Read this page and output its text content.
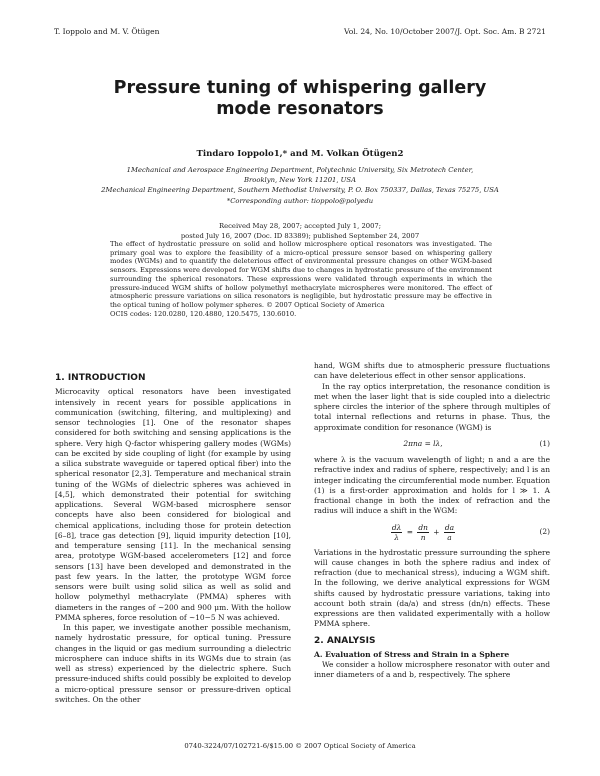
T. Ioppolo and M. V. Ötügen	Vol. 24, No. 10/October 2007/J. Opt. Soc. Am. B 2721
Pressure tuning of whispering gallery
mode resonators
Tindaro Ioppolo1,* and M. Volkan Ötügen2
1Mechanical and Aerospace Engineering Department, Polytechnic University, Six Metrotech Center,
Brooklyn, New York 11201, USA
2Mechanical Engineering Department, Southern Methodist University, P. O. Box 750337, Dallas, Texas 75275, USA
*Corresponding author: tioppolo@polyedu
Received May 28, 2007; accepted July 1, 2007;
posted July 16, 2007 (Doc. ID 83389); published September 24, 2007

The effect of hydrostatic pressure on solid and hollow microsphere optical resonators was investigated. The primary goal was to explore the feasibility of a micro-optical pressure sensor based on whispering gallery modes (WGMs) and to quantify the deleterious effect of environmental pressure changes on other WGM-based sensors. Expressions were developed for WGM shifts due to changes in hydrostatic pressure of the environment surrounding the spherical resonators. These expressions were validated through experiments in which the pressure-induced WGM shifts of hollow polymethyl methacrylate microspheres were monitored. The effect of atmospheric pressure variations on silica resonators is negligible, but hydrostatic pressure may be effective in the optical tuning of hollow polymer spheres. © 2007 Optical Society of America

OCIS codes: 120.0280, 120.4880, 120.5475, 130.6010.

1. INTRODUCTION

Microcavity optical resonators have been investigated intensively in recent years for possible applications in communication (switching, filtering, and multiplexing) and sensor technologies [1]. One of the resonator shapes considered for both switching and sensing applications is the sphere. Very high Q-factor whispering gallery modes (WGMs) can be excited by side coupling of light (for example by using a silica substrate waveguide or tapered optical fiber) into the spherical resonator [2,3]. Temperature and mechanical strain tuning of the WGMs of dielectric spheres was achieved in [4,5], which demonstrated their potential for switching applications. Several WGM-based microsphere sensor concepts have also been considered for biological and chemical applications, including those for protein detection [6–8], trace gas detection [9], liquid impurity detection [10], and temperature sensing [11]. In the mechanical sensing area, prototype WGM-based accelerometers [12] and force sensors [13] have been developed and demonstrated in the past few years. In the latter, the prototype WGM force sensors were built using solid silica as well as solid and hollow polymethyl methacrylate (PMMA) spheres with diameters in the ranges of ~200 and 900 μm. With the hollow PMMA spheres, force resolution of ~10−5 N was achieved.

In this paper, we investigate another possible mechanism, namely hydrostatic pressure, for optical tuning. Pressure changes in the liquid or gas medium surrounding a dielectric microsphere can induce shifts in its WGMs due to strain (as well as stress) experienced by the dielectric sphere. Such pressure-induced shifts could possibly be exploited to develop a micro-optical pressure sensor or pressure-driven optical switches. On the other

hand, WGM shifts due to atmospheric pressure fluctuations can have deleterious effect in other sensor applications.

In the ray optics interpretation, the resonance condition is met when the laser light that is side coupled into a dielectric sphere circles the interior of the sphere through multiples of total internal reflections and returns in phase. Thus, the approximate condition for resonance (WGM) is

2πna = lλ,	(1)

where λ is the vacuum wavelength of light; n and a are the refractive index and radius of sphere, respectively; and l is an integer indicating the circumferential mode number. Equation (1) is a first-order approximation and holds for l ≫ 1. A fractional change in both the index of refraction and the radius will induce a shift in the WGM:

$\frac{d\lambda}{\lambda} = \frac{dn}{n} + \frac{da}{a}$	(2)

Variations in the hydrostatic pressure surrounding the sphere will cause changes in both the sphere radius and index of refraction (due to mechanical stress), inducing a WGM shift. In the following, we derive analytical expressions for WGM shifts caused by hydrostatic pressure variations, taking into account both strain (da/a) and stress (dn/n) effects. These expressions are then validated experimentally with a hollow PMMA sphere.

2. ANALYSIS
A. Evaluation of Stress and Strain in a Sphere

We consider a hollow microsphere resonator with outer and inner diameters of a and b, respectively. The sphere

0740-3224/07/102721-6/$15.00 © 2007 Optical Society of America
